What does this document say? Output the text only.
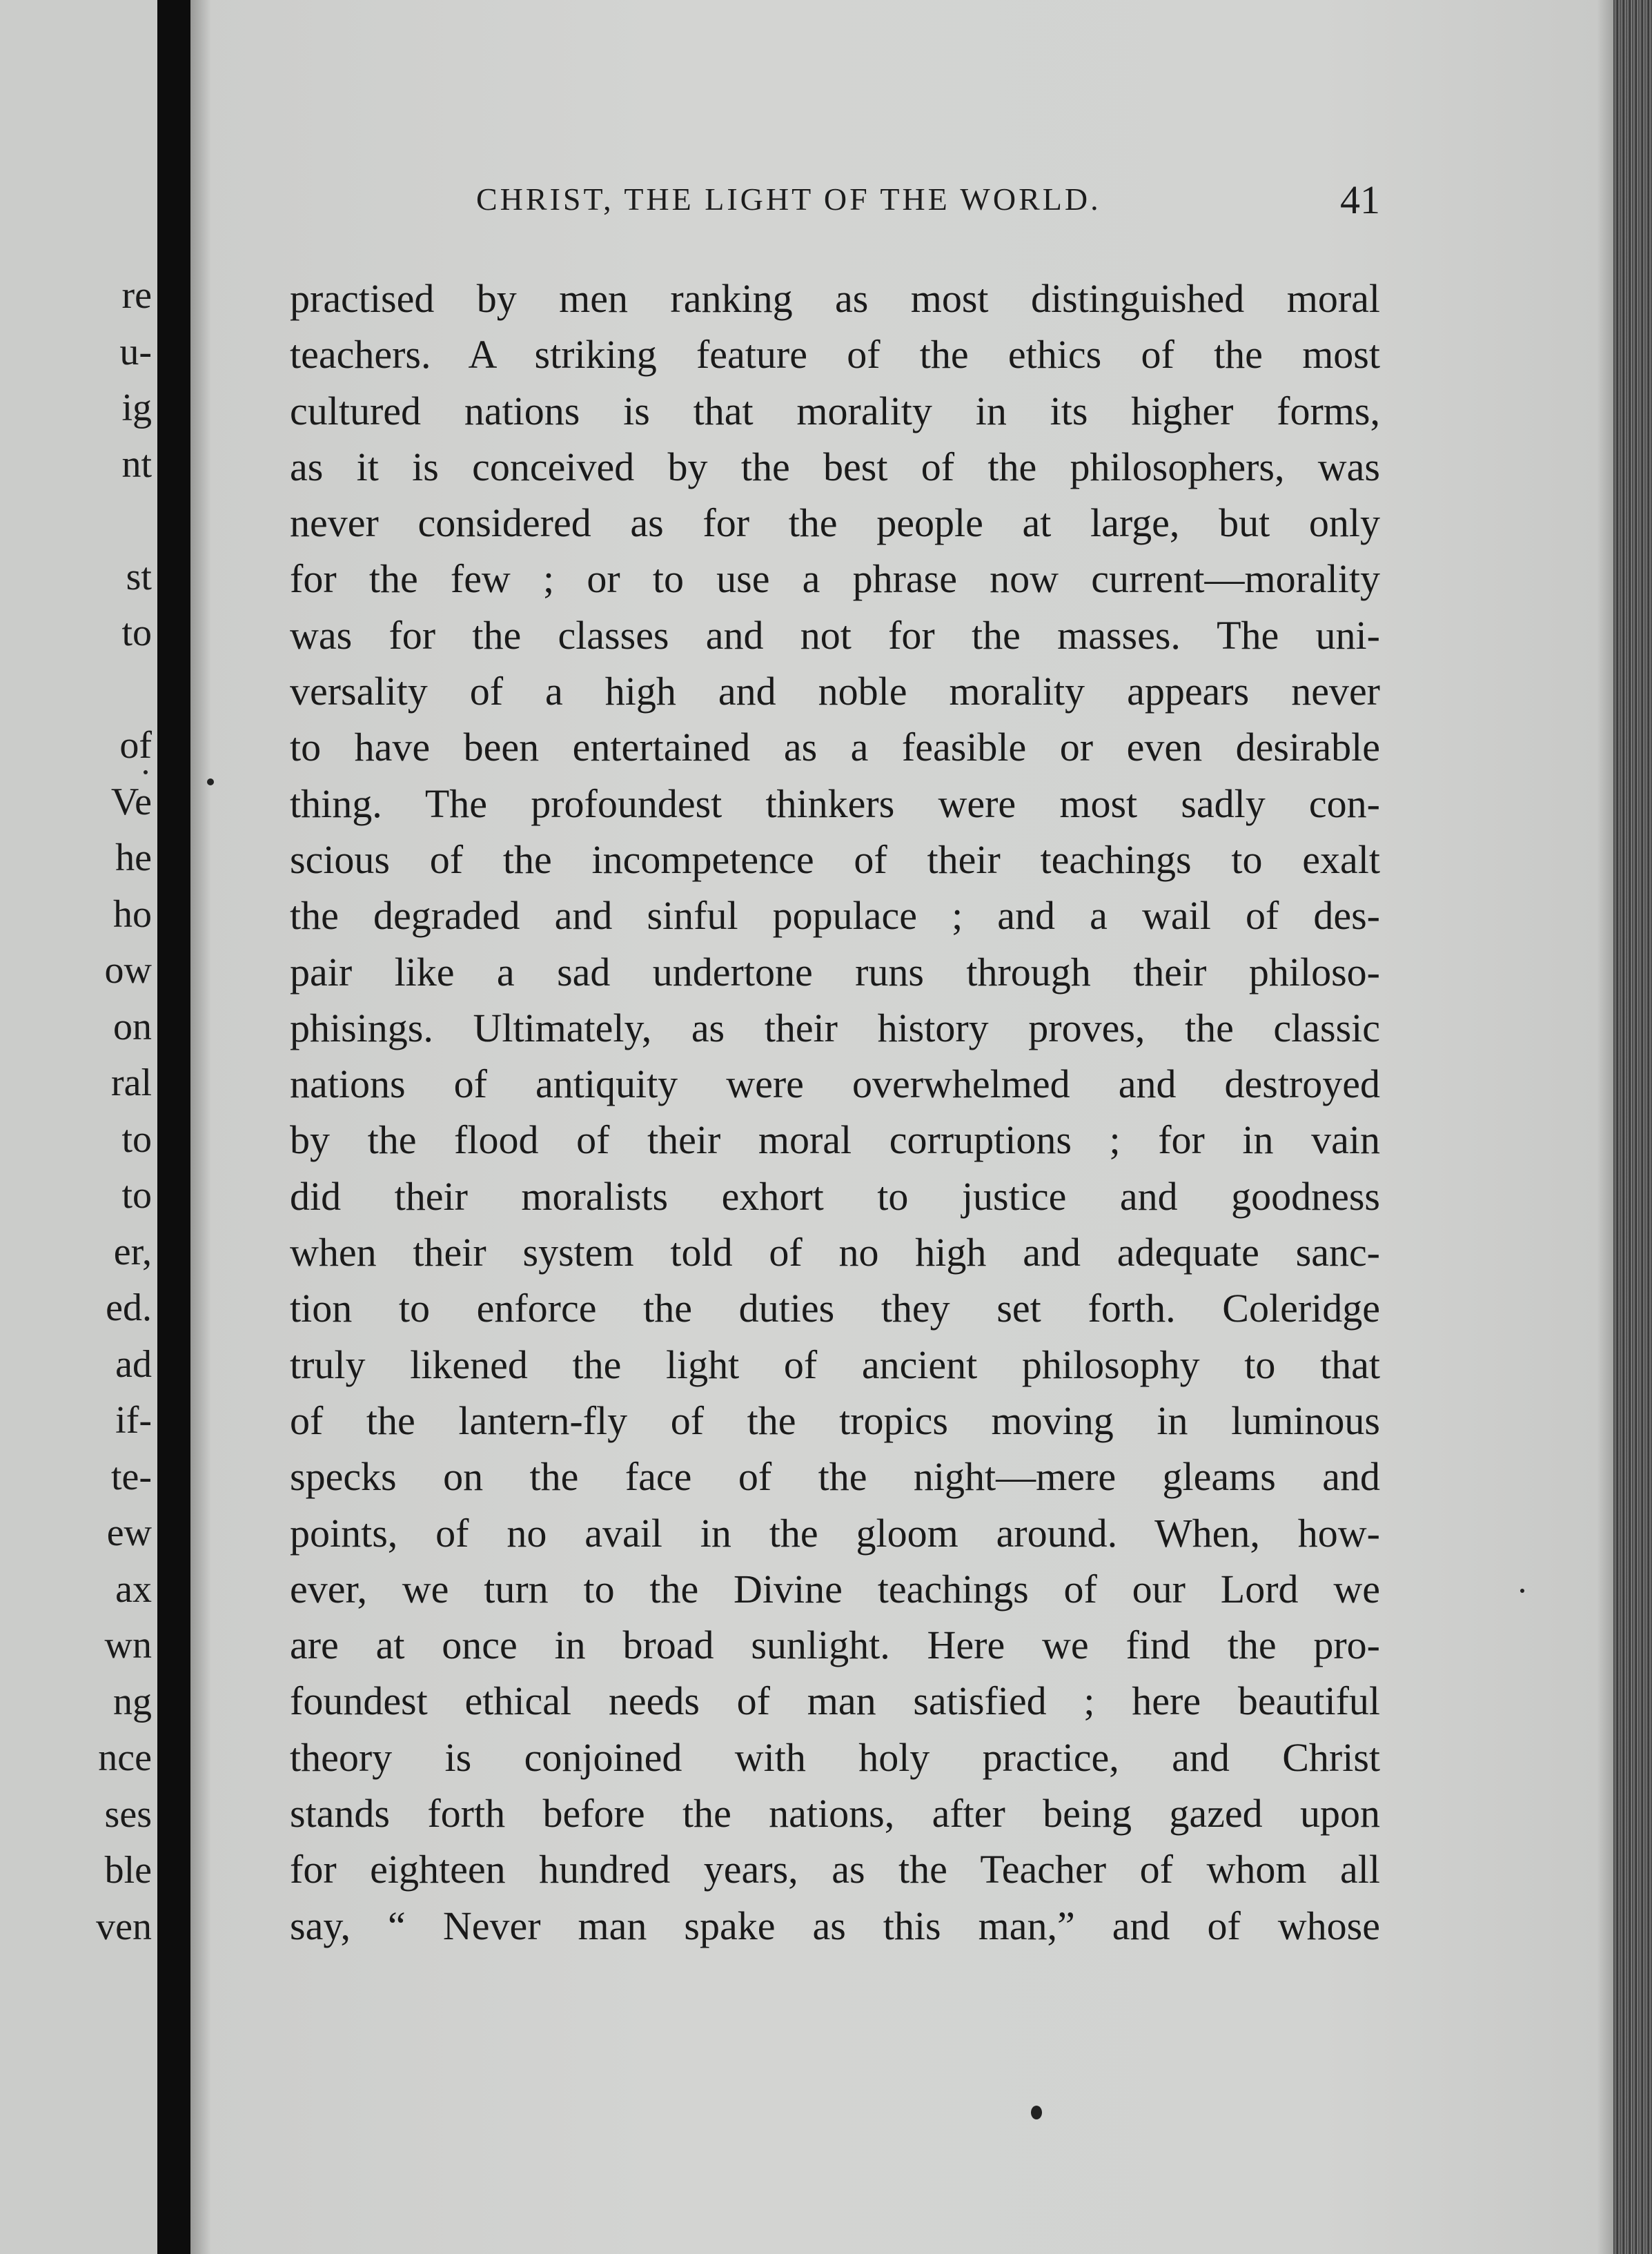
re
u-
ig
nt
st
to
of
Ve
he
ho
ow
on
ral
to
to
er,
ed.
ad
if-
te-
ew
ax
wn
ng
nce
ses
ble
ven
CHRIST, THE LIGHT OF THE WORLD.	41
practised by men ranking as most distinguished moral
teachers. A striking feature of the ethics of the most
cultured nations is that morality in its higher forms,
as it is conceived by the best of the philosophers, was
never considered as for the people at large, but only
for the few ; or to use a phrase now current—morality
was for the classes and not for the masses. The uni-
versality of a high and noble morality appears never
to have been entertained as a feasible or even desirable
thing. The profoundest thinkers were most sadly con-
scious of the incompetence of their teachings to exalt
the degraded and sinful populace ; and a wail of des-
pair like a sad undertone runs through their philoso-
phisings. Ultimately, as their history proves, the classic
nations of antiquity were overwhelmed and destroyed
by the flood of their moral corruptions ; for in vain
did their moralists exhort to justice and goodness
when their system told of no high and adequate sanc-
tion to enforce the duties they set forth. Coleridge
truly likened the light of ancient philosophy to that
of the lantern-fly of the tropics moving in luminous
specks on the face of the night—mere gleams and
points, of no avail in the gloom around. When, how-
ever, we turn to the Divine teachings of our Lord we
are at once in broad sunlight. Here we find the pro-
foundest ethical needs of man satisfied ; here beautiful
theory is conjoined with holy practice, and Christ
stands forth before the nations, after being gazed upon
for eighteen hundred years, as the Teacher of whom all
say, “ Never man spake as this man,” and of whose
